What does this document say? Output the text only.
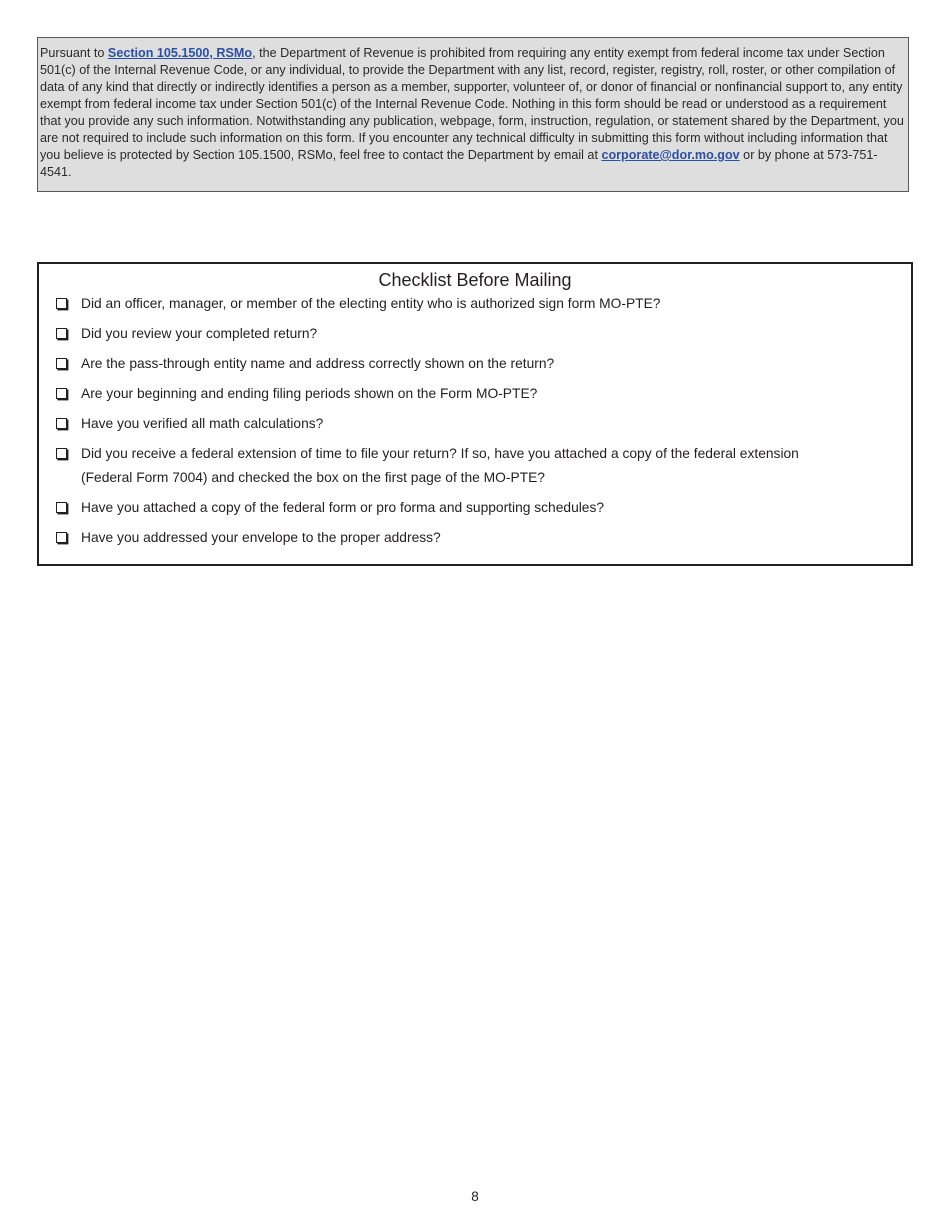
Pursuant to Section 105.1500, RSMo, the Department of Revenue is prohibited from requiring any entity exempt from federal income tax under Section 501(c) of the Internal Revenue Code, or any individual, to provide the Department with any list, record, register, registry, roll, roster, or other compilation of data of any kind that directly or indirectly identifies a person as a member, supporter, volunteer of, or donor of financial or nonfinancial support to, any entity exempt from federal income tax under Section 501(c) of the Internal Revenue Code. Nothing in this form should be read or understood as a requirement that you provide any such information. Notwithstanding any publication, webpage, form, instruction, regulation, or statement shared by the Department, you are not required to include such information on this form. If you encounter any technical difficulty in submitting this form without including information that you believe is protected by Section 105.1500, RSMo, feel free to contact the Department by email at corporate@dor.mo.gov or by phone at 573-751-4541.
Checklist Before Mailing
Did an officer, manager, or member of the electing entity who is authorized sign form MO-PTE?
Did you review your completed return?
Are the pass-through entity name and address correctly shown on the return?
Are your beginning and ending filing periods shown on the Form MO-PTE?
Have you verified all math calculations?
Did you receive a federal extension of time to file your return? If so, have you attached a copy of the federal extension (Federal Form 7004) and checked the box on the first page of the MO-PTE?
Have you attached a copy of the federal form or pro forma and supporting schedules?
Have you addressed your envelope to the proper address?
8
